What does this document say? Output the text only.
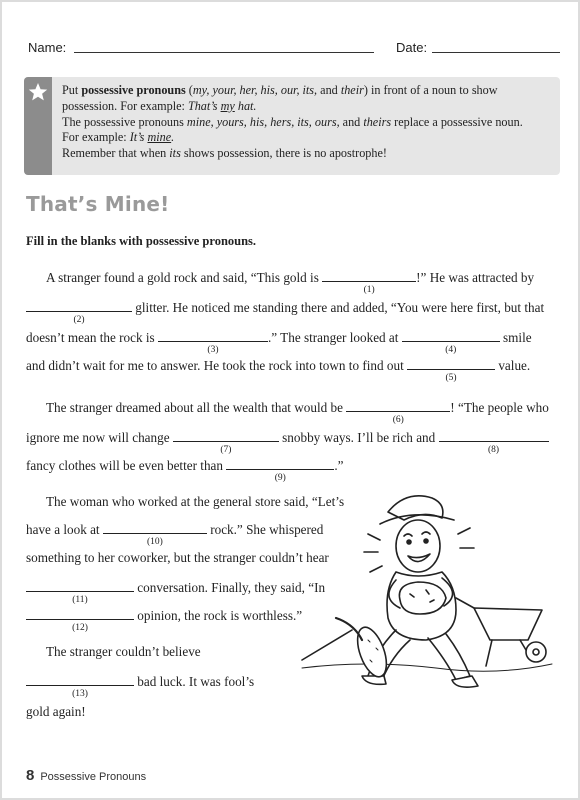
Name:	Date:

Put possessive pronouns (my, your, her, his, our, its, and their) in front of a noun to show

possession. For example: That’s my hat.

The possessive pronouns mine, yours, his, hers, its, ours, and theirs replace a possessive noun.

For example: It’s mine.

Remember that when its shows possession, there is no apostrophe!

That’s Mine!
Fill in the blanks with possessive pronouns.
A stranger found a gold rock and said, “This gold is
(1)
!” He was attracted by
(2)
glitter. He noticed me standing there and added, “You were here first, but that
doesn’t mean the rock is
(3)
.” The stranger looked at
(4)
smile
and didn’t wait for me to answer. He took the rock into town to find out
(5)
value.
The stranger dreamed about all the wealth that would be
(6)
! “The people who
ignore me now will change
(7)
snobby ways. I’ll be rich and
(8)
fancy clothes will be even better than
(9)
.”
The woman who worked at the general store said, “Let’s
have a look at
(10)
rock.” She whispered
something to her coworker, but the stranger couldn’t hear
(11)
conversation. Finally, they said, “In
(12)
opinion, the rock is worthless.”
The stranger couldn’t believe
(13)
bad luck. It was fool’s
gold again!
8 Possessive Pronouns
